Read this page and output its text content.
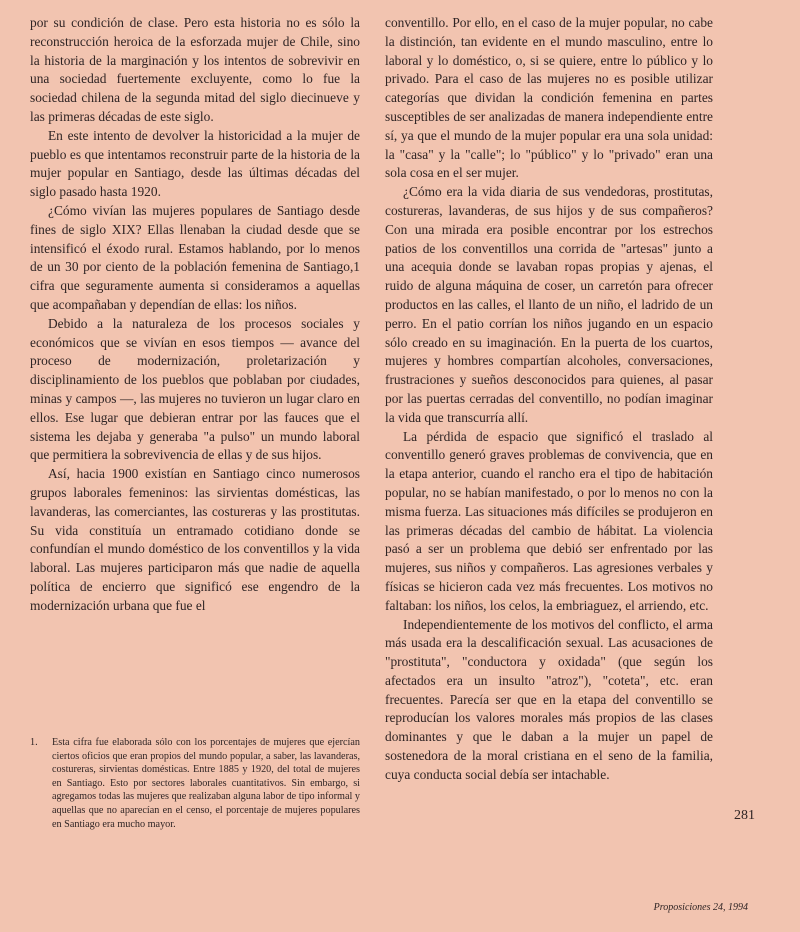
por su condición de clase. Pero esta historia no es sólo la reconstrucción heroica de la esforzada mujer de Chile, sino la historia de la marginación y los intentos de sobrevivir en una sociedad fuertemente excluyente, como lo fue la sociedad chilena de la segunda mitad del siglo diecinueve y las primeras décadas de este siglo.

En este intento de devolver la historicidad a la mujer de pueblo es que intentamos reconstruir parte de la historia de la mujer popular en Santiago, desde las últimas décadas del siglo pasado hasta 1920.

¿Cómo vivían las mujeres populares de Santiago desde fines de siglo XIX? Ellas llenaban la ciudad desde que se intensificó el éxodo rural. Estamos hablando, por lo menos de un 30 por ciento de la población femenina de Santiago,1 cifra que seguramente aumenta si consideramos a aquellas que acompañaban y dependían de ellas: los niños.

Debido a la naturaleza de los procesos sociales y económicos que se vivían en esos tiempos — avance del proceso de modernización, proletarización y disciplinamiento de los pueblos que poblaban por ciudades, minas y campos —, las mujeres no tuvieron un lugar claro en ellos. Ese lugar que debieran entrar por las fauces que el sistema les dejaba y generaba "a pulso" un mundo laboral que permitiera la sobrevivencia de ellas y de sus hijos.

Así, hacia 1900 existían en Santiago cinco numerosos grupos laborales femeninos: las sirvientas domésticas, las lavanderas, las comerciantes, las costureras y las prostitutas. Su vida constituía un entramado cotidiano donde se confundían el mundo doméstico de los conventillos y la vida laboral. Las mujeres participaron más que nadie de aquella política de encierro que significó ese engendro de la modernización urbana que fue el

conventillo. Por ello, en el caso de la mujer popular, no cabe la distinción, tan evidente en el mundo masculino, entre lo laboral y lo doméstico, o, si se quiere, entre lo público y lo privado. Para el caso de las mujeres no es posible utilizar categorías que dividan la condición femenina en partes susceptibles de ser analizadas de manera independiente entre sí, ya que el mundo de la mujer popular era una sola unidad: la "casa" y la "calle"; lo "público" y lo "privado" eran una sola cosa en el ser mujer.

¿Cómo era la vida diaria de sus vendedoras, prostitutas, costureras, lavanderas, de sus hijos y de sus compañeros? Con una mirada era posible encontrar por los estrechos patios de los conventillos una corrida de "artesas" junto a una acequia donde se lavaban ropas propias y ajenas, el ruido de alguna máquina de coser, un carretón para ofrecer productos en las calles, el llanto de un niño, el ladrido de un perro. En el patio corrían los niños jugando en un espacio sólo creado en su imaginación. En la puerta de los cuartos, mujeres y hombres compartían alcoholes, conversaciones, frustraciones y sueños desconocidos para quienes, al pasar por las puertas cerradas del conventillo, no podían imaginar la vida que transcurría allí.

La pérdida de espacio que significó el traslado al conventillo generó graves problemas de convivencia, que en la etapa anterior, cuando el rancho era el tipo de habitación popular, no se habían manifestado, o por lo menos no con la misma fuerza. Las situaciones más difíciles se produjeron en las primeras décadas del cambio de hábitat. La violencia pasó a ser un problema que debió ser enfrentado por las mujeres, sus niños y compañeros. Las agresiones verbales y físicas se hicieron cada vez más frecuentes. Los motivos no faltaban: los niños, los celos, la embriaguez, el arriendo, etc.

Independientemente de los motivos del conflicto, el arma más usada era la descalificación sexual. Las acusaciones de "prostituta", "conductora y oxidada" (que según los afectados era un insulto "atroz"), "coteta", etc. eran frecuentes. Parecía ser que en la etapa del conventillo se reproducían los valores morales más propios de las clases dominantes y que le daban a la mujer un papel de sostenedora de la moral cristiana en el seno de la familia, cuya conducta social debía ser intachable.

1. Esta cifra fue elaborada sólo con los porcentajes de mujeres que ejercían ciertos oficios que eran propios del mundo popular, a saber, las lavanderas, costureras, sirvientas domésticas. Entre 1885 y 1920, del total de mujeres en Santiago. Esto por sectores laborales cuantitativos. Sin embargo, si agregamos todas las mujeres que realizaban alguna labor de tipo informal y aquellas que no aparecían en el censo, el porcentaje de mujeres populares en Santiago era mucho mayor.
281
Proposiciones 24, 1994
